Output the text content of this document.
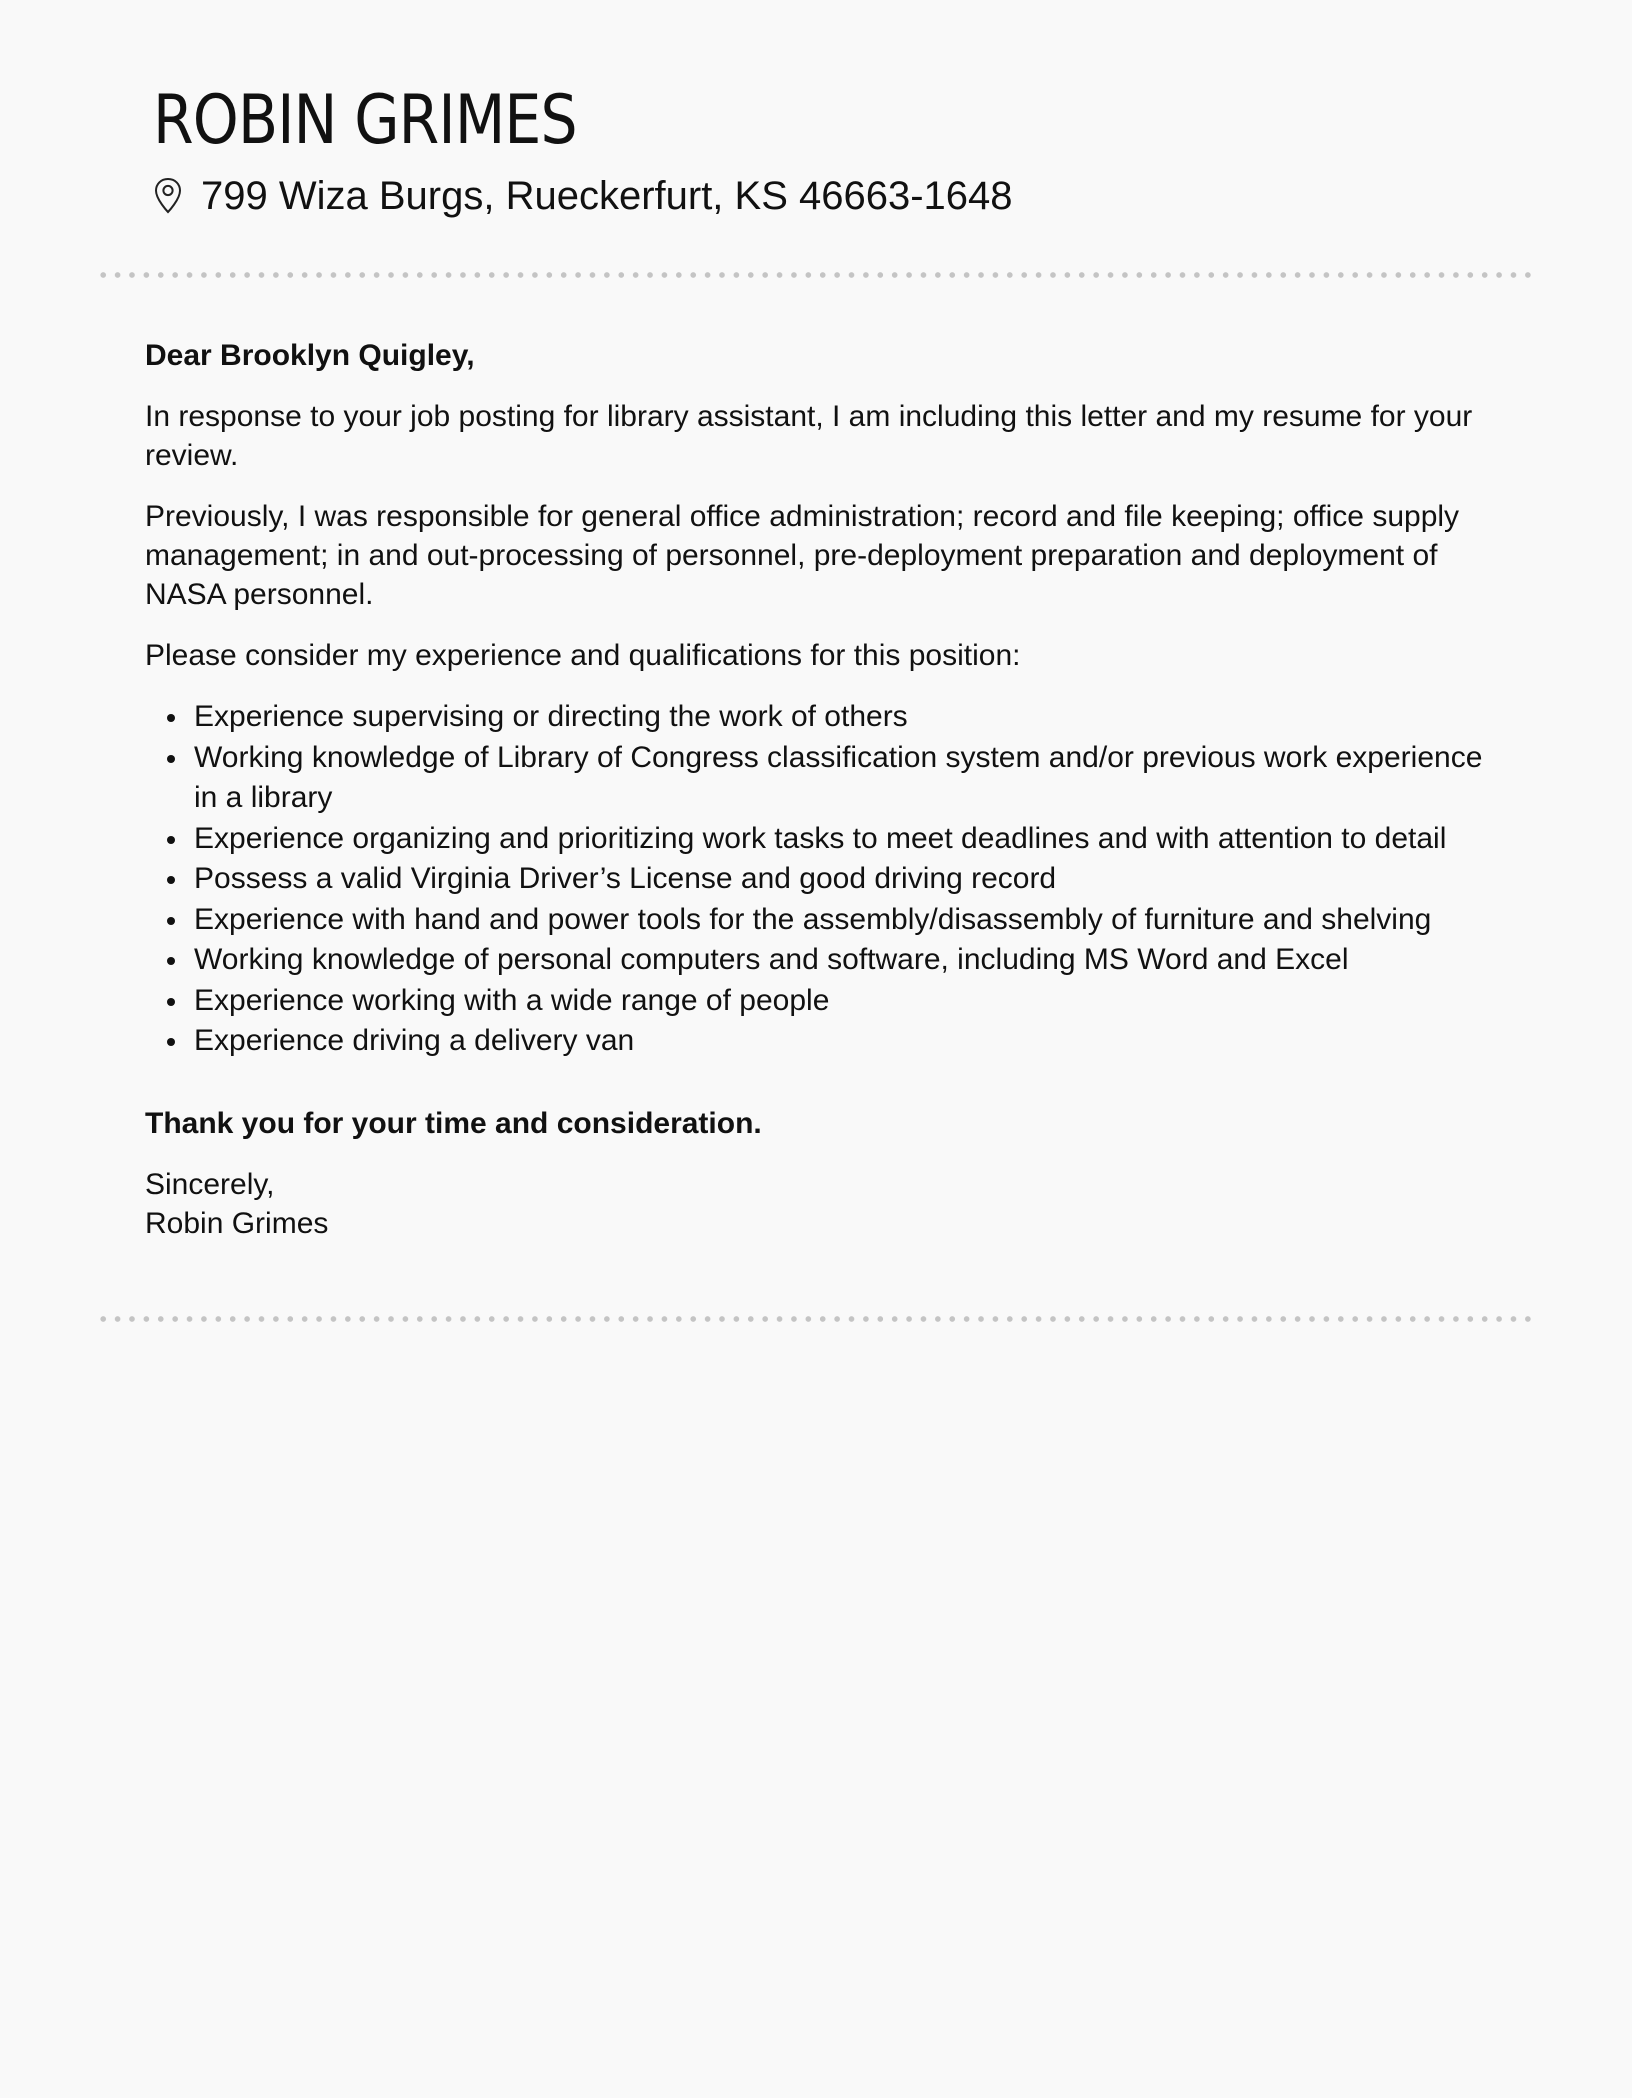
ROBIN GRIMES
799 Wiza Burgs, Rueckerfurt, KS 46663-1648

Dear Brooklyn Quigley,

In response to your job posting for library assistant, I am including this letter and my resume for your review.

Previously, I was responsible for general office administration; record and file keeping; office supply management; in and out-processing of personnel, pre-deployment preparation and deployment of NASA personnel.

Please consider my experience and qualifications for this position:

Experience supervising or directing the work of others
Working knowledge of Library of Congress classification system and/or previous work experience in a library
Experience organizing and prioritizing work tasks to meet deadlines and with attention to detail
Possess a valid Virginia Driver’s License and good driving record
Experience with hand and power tools for the assembly/disassembly of furniture and shelving
Working knowledge of personal computers and software, including MS Word and Excel
Experience working with a wide range of people
Experience driving a delivery van

Thank you for your time and consideration.

Sincerely,

Robin Grimes
